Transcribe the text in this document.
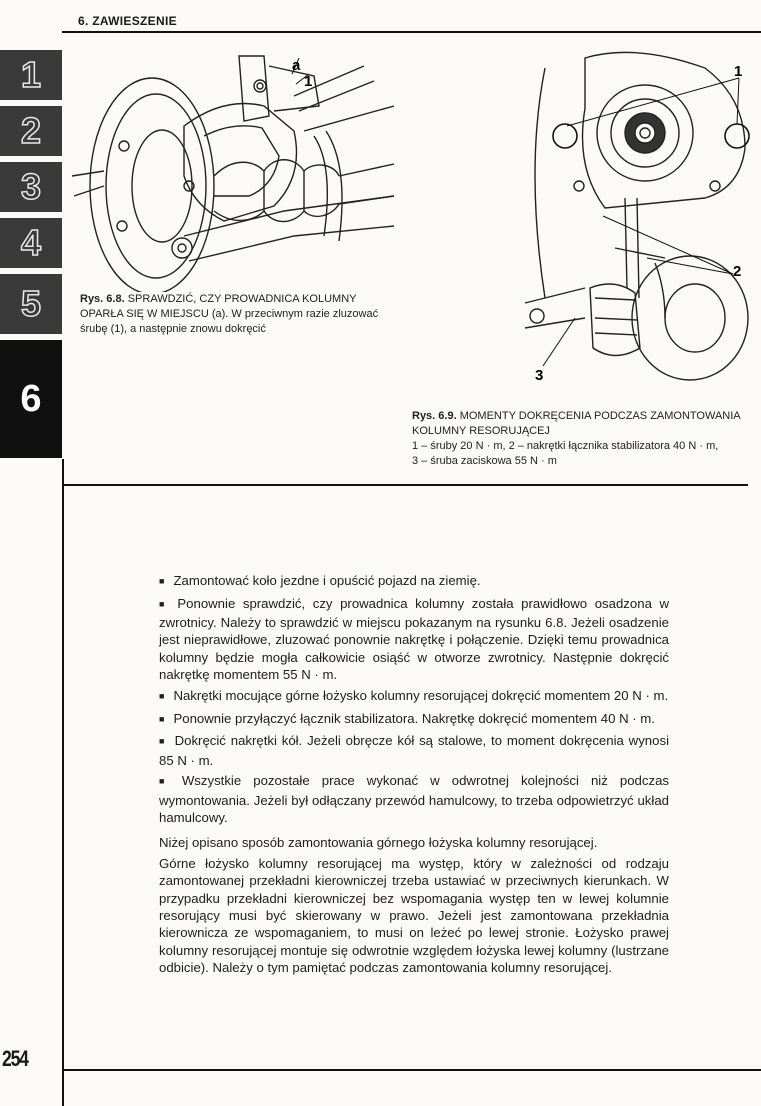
6. ZAWIESZENIE
1
2
3
4
5
6
a
1
Rys. 6.8. SPRAWDZIĆ, CZY PROWADNICA KOLUMNY OPARŁA SIĘ W MIEJSCU (a). W przeciwnym razie zluzować śrubę (1), a następnie znowu dokręcić
1
2
3
Rys. 6.9. MOMENTY DOKRĘCENIA PODCZAS ZAMONTOWANIA KOLUMNY RESORUJĄCEJ
1 – śruby 20 N · m, 2 – nakrętki łącznika stabilizatora 40 N · m,
3 – śruba zaciskowa 55 N · m

■ Zamontować koło jezdne i opuścić pojazd na ziemię.

■ Ponownie sprawdzić, czy prowadnica kolumny została prawidłowo osadzona w zwrotnicy. Należy to sprawdzić w miejscu pokazanym na rysunku 6.8. Jeżeli osadzenie jest nieprawidłowe, zluzować ponownie nakrętkę i połączenie. Dzięki temu prowadnica kolumny będzie mogła całkowicie osiąść w otworze zwrotnicy. Następnie dokręcić nakrętkę momentem 55 N · m.

■ Nakrętki mocujące górne łożysko kolumny resorującej dokręcić momentem 20 N · m.

■ Ponownie przyłączyć łącznik stabilizatora. Nakrętkę dokręcić momentem 40 N · m.

■ Dokręcić nakrętki kół. Jeżeli obręcze kół są stalowe, to moment dokręcenia wynosi 85 N · m.

■ Wszystkie pozostałe prace wykonać w odwrotnej kolejności niż podczas wymontowania. Jeżeli był odłączany przewód hamulcowy, to trzeba odpowietrzyć układ hamulcowy.

Niżej opisano sposób zamontowania górnego łożyska kolumny resorującej.

Górne łożysko kolumny resorującej ma występ, który w zależności od rodzaju zamontowanej przekładni kierowniczej trzeba ustawiać w przeciwnych kierunkach. W przypadku przekładni kierowniczej bez wspomagania występ ten w lewej kolumnie resorujący musi być skierowany w prawo. Jeżeli jest zamontowana przekładnia kierownicza ze wspomaganiem, to musi on leżeć po lewej stronie. Łożysko prawej kolumny resorującej montuje się odwrotnie względem łożyska lewej kolumny (lustrzane odbicie). Należy o tym pamiętać podczas zamontowania kolumny resorującej.

254
